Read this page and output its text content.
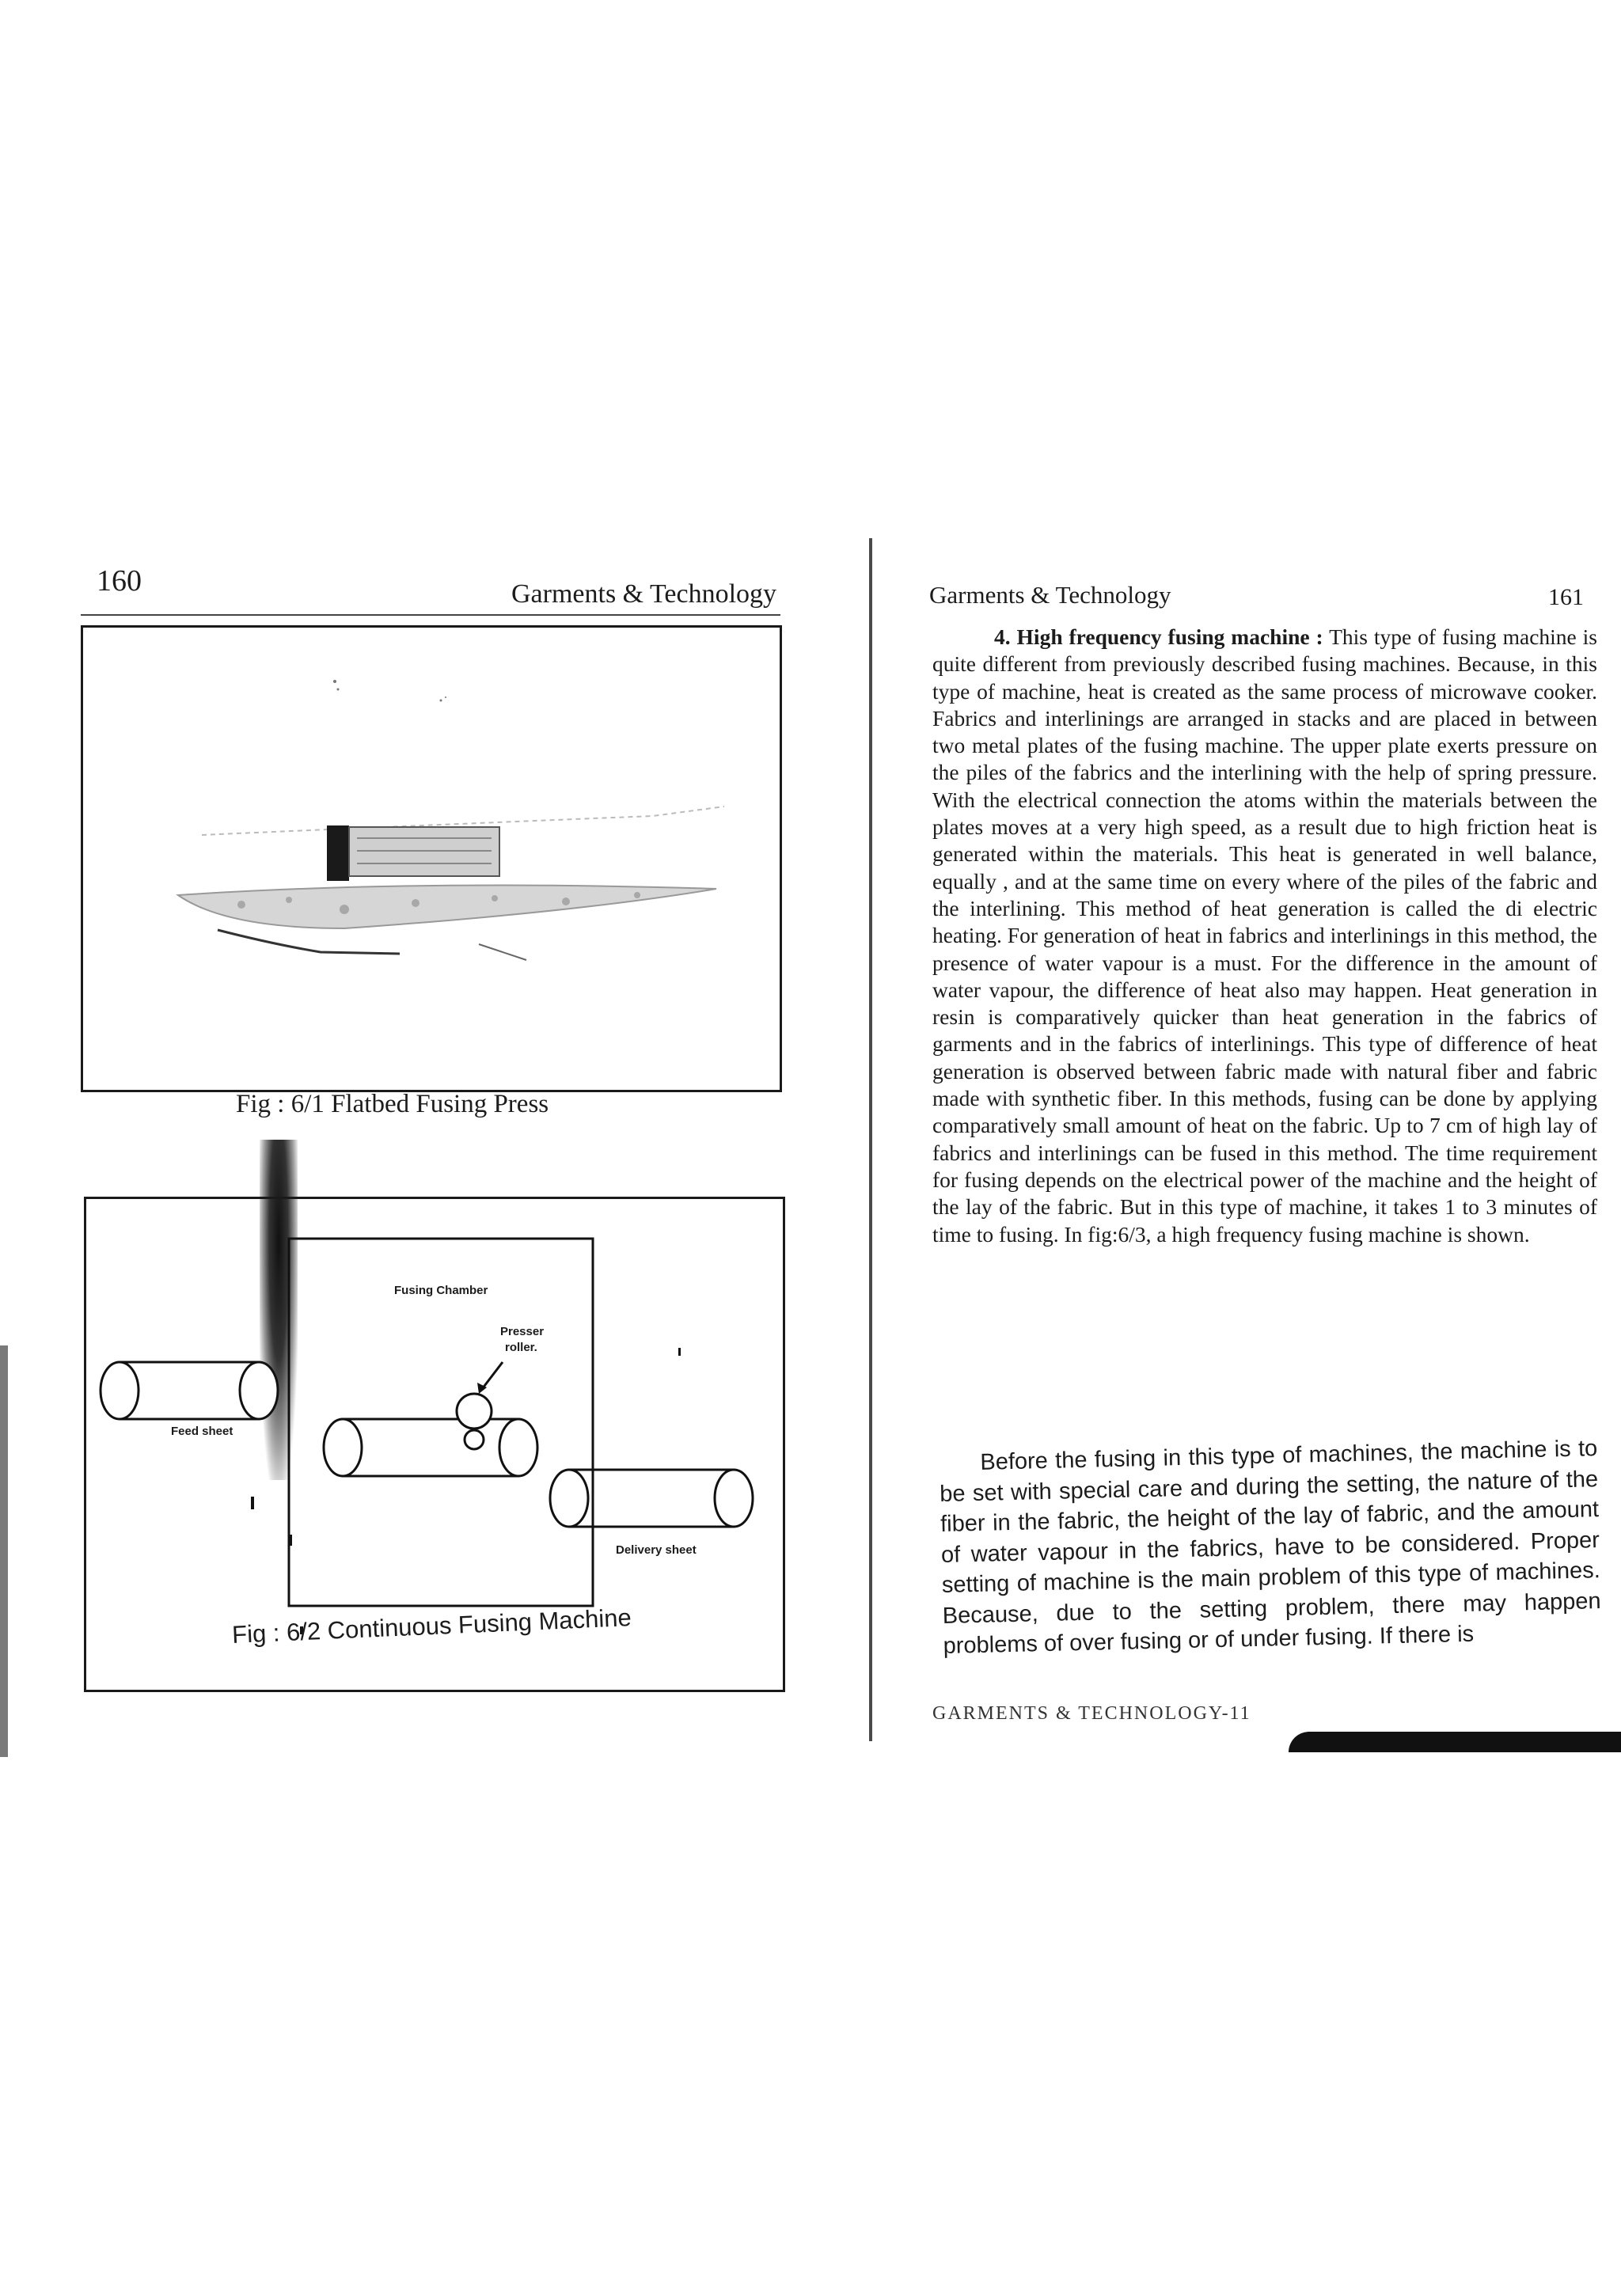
160	Garments & Technology
Fig : 6/1 Flatbed Fusing Press
Fusing Chamber
Presser
roller.
Feed sheet
Delivery sheet
Fig : 6/2 Continuous Fusing Machine
Garments & Technology	161

4. High frequency fusing machine : This type of fusing machine is quite different from previously described fusing machines. Because, in this type of machine, heat is created as the same process of microwave cooker. Fabrics and interlinings are arranged in stacks and are placed in between two metal plates of the fusing machine. The upper plate exerts pressure on the piles of the fabrics and the interlining with the help of spring pressure. With the electrical connection the atoms within the materials between the plates moves at a very high speed, as a result due to high friction heat is generated within the materials. This heat is generated in well balance, equally , and at the same time on every where of the piles of the fabric and the interlining. This method of heat generation is called the di electric heating. For generation of heat in fabrics and interlinings in this method, the presence of water vapour is a must. For the difference in the amount of water vapour, the difference of heat also may happen. Heat generation in resin is comparatively quicker than heat generation in the fabrics of garments and in the fabrics of interlinings. This type of difference of heat generation is observed between fabric made with natural fiber and fabric made with synthetic fiber. In this methods, fusing can be done by applying comparatively small amount of heat on the fabric. Up to 7 cm of high lay of fabrics and interlinings can be fused in this method. The time requirement for fusing depends on the electrical power of the machine and the height of the lay of the fabric. But in this type of machine, it takes 1 to 3 minutes of time to fusing. In fig:6/3, a high frequency fusing machine is shown.

Before the fusing in this type of machines, the machine is to be set with special care and during the setting, the nature of the fiber in the fabric, the height of the lay of fabric, and the amount of water vapour in the fabrics, have to be considered. Proper setting of machine is the main problem of this type of machines. Because, due to the setting problem, there may happen problems of over fusing or of under fusing. If there is

GARMENTS & TECHNOLOGY-11
